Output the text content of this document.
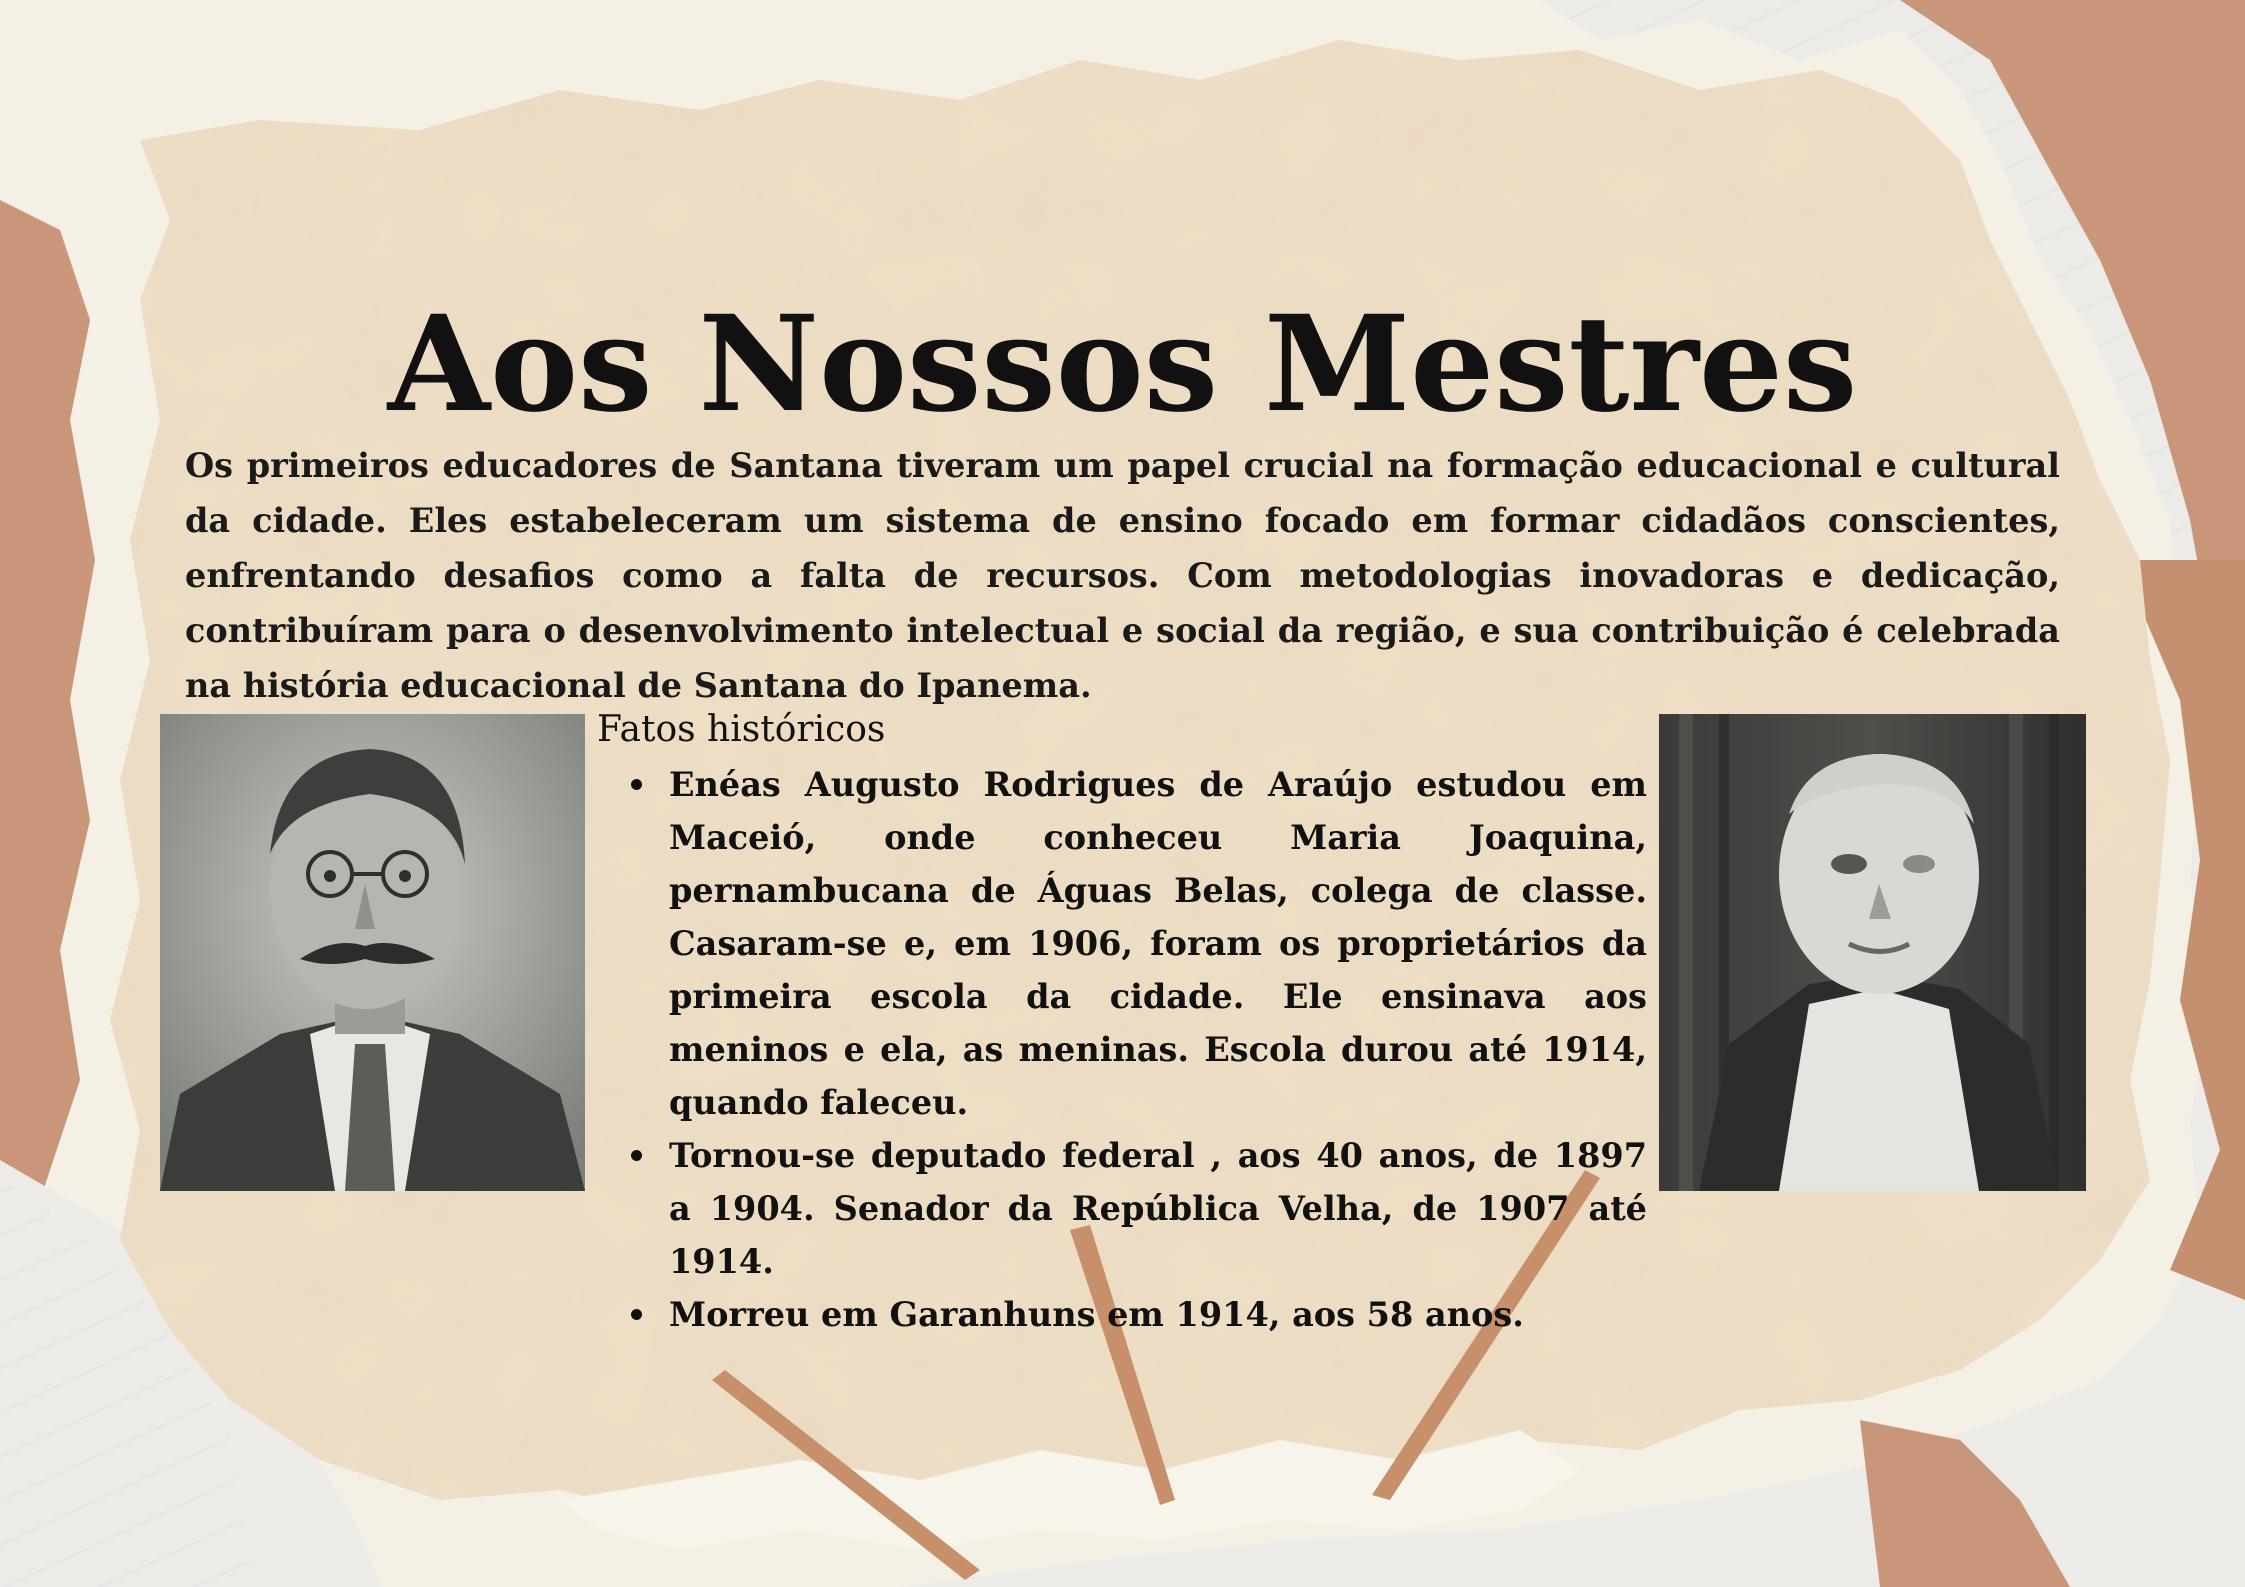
Aos Nossos Mestres

Os primeiros educadores de Santana tiveram um papel crucial na formação educacional e cultural da cidade. Eles estabeleceram um sistema de ensino focado em formar cidadãos conscientes, enfrentando desafios como a falta de recursos. Com metodologias inovadoras e dedicação, contribuíram para o desenvolvimento intelectual e social da região, e sua contribuição é celebrada na história educacional de Santana do Ipanema.

Fatos históricos

Enéas Augusto Rodrigues de Araújo estudou em Maceió, onde conheceu Maria Joaquina, pernambucana de Águas Belas, colega de classe. Casaram-se e, em 1906, foram os proprietários da primeira escola da cidade. Ele ensinava aos meninos e ela, as meninas. Escola durou até 1914, quando faleceu.
Tornou-se deputado federal , aos 40 anos, de 1897 a 1904. Senador da República Velha, de 1907 até 1914.
Morreu em Garanhuns em 1914, aos 58 anos.
